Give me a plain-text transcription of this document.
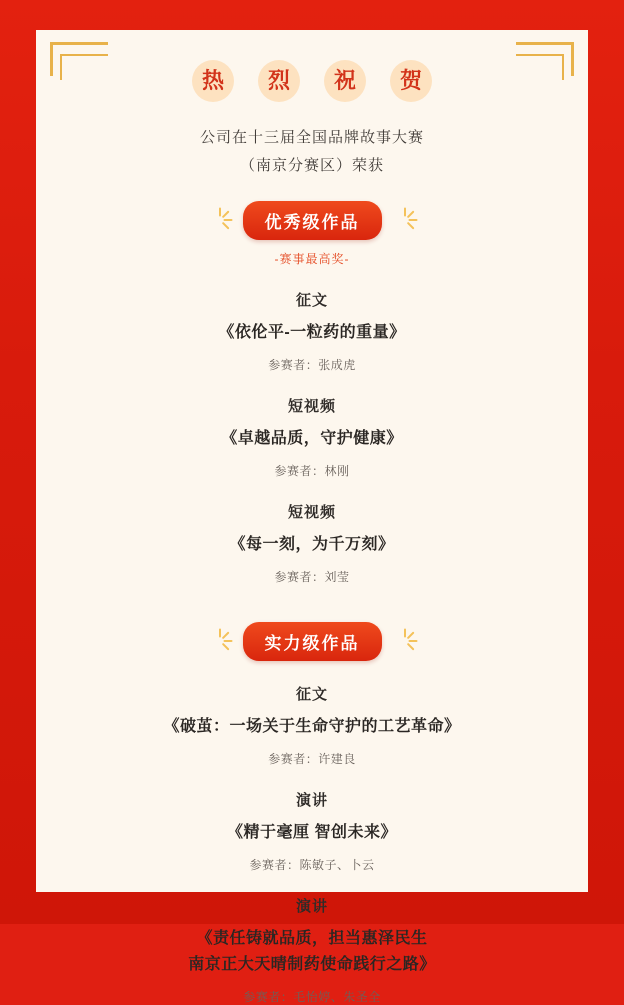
热	烈	祝	贺
公司在十三届全国品牌故事大赛
（南京分赛区）荣获
优秀级作品
-赛事最高奖-
征文
《依伦平-一粒药的重量》
参赛者：张成虎
短视频
《卓越品质，守护健康》
参赛者：林刚
短视频
《每一刻，为千万刻》
参赛者：刘莹
实力级作品
征文
《破茧：一场关于生命守护的工艺革命》
参赛者：许建良
演讲
《精于毫厘 智创未来》
参赛者：陈敏子、卜云
演讲
《责任铸就品质，担当惠泽民生
南京正大天晴制药使命践行之路》
参赛者：毛怡婷、朱圣全
